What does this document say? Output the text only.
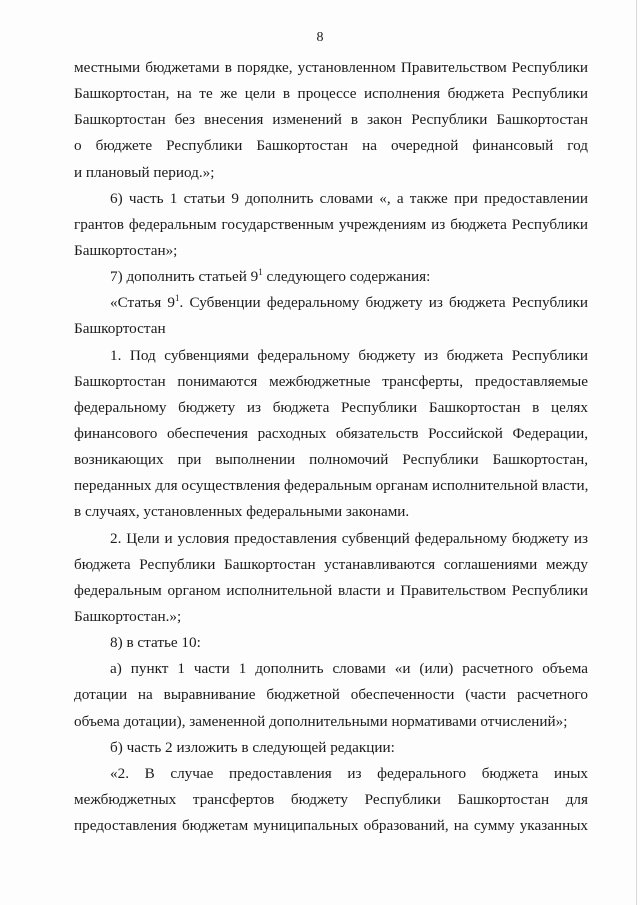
8
местными бюджетами в порядке, установленном Правительством Республики
Башкортостан, на те же цели в процессе исполнения бюджета Республики
Башкортостан без внесения изменений в закон Республики Башкортостан
о бюджете Республики Башкортостан на очередной финансовый год
и плановый период.»;
6) часть 1 статьи 9 дополнить словами «, а также при предоставлении
грантов федеральным государственным учреждениям из бюджета Республики
Башкортостан»;
7) дополнить статьей $9^1$ следующего содержания:
«Статья $9^1$. Субвенции федеральному бюджету из бюджета Республики
Башкортостан
1. Под субвенциями федеральному бюджету из бюджета Республики
Башкортостан понимаются межбюджетные трансферты, предоставляемые
федеральному бюджету из бюджета Республики Башкортостан в целях
финансового обеспечения расходных обязательств Российской Федерации,
возникающих при выполнении полномочий Республики Башкортостан,
переданных для осуществления федеральным органам исполнительной власти,
в случаях, установленных федеральными законами.
2. Цели и условия предоставления субвенций федеральному бюджету из
бюджета Республики Башкортостан устанавливаются соглашениями между
федеральным органом исполнительной власти и Правительством Республики
Башкортостан.»;
8) в статье 10:
а) пункт 1 части 1 дополнить словами «и (или) расчетного объема
дотации на выравнивание бюджетной обеспеченности (части расчетного
объема дотации), замененной дополнительными нормативами отчислений»;
б) часть 2 изложить в следующей редакции:
«2. В случае предоставления из федерального бюджета иных
межбюджетных трансфертов бюджету Республики Башкортостан для
предоставления бюджетам муниципальных образований, на сумму указанных
